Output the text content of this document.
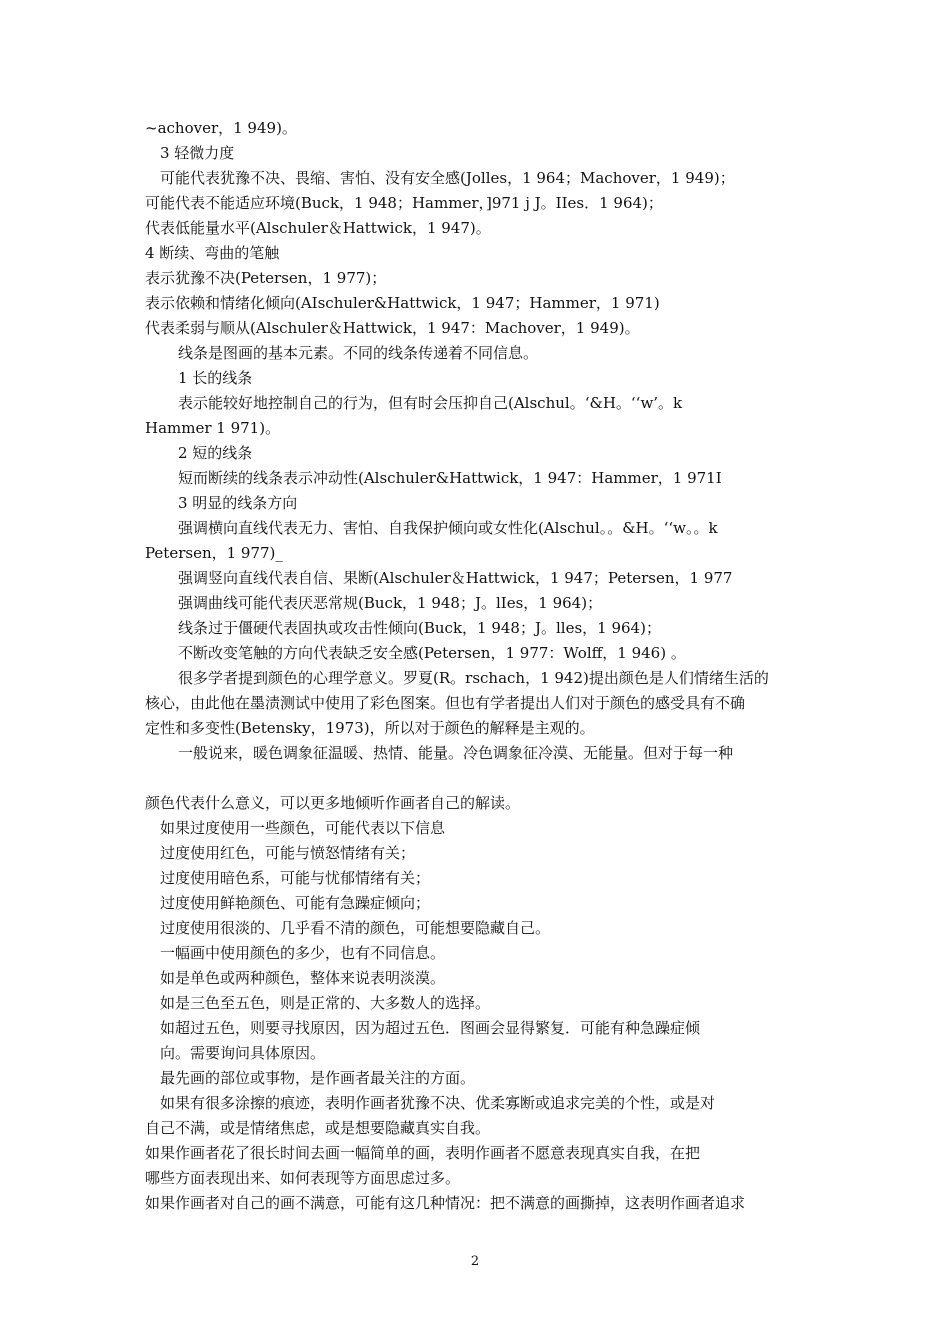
~achover，1 949)。
3 轻微力度
可能代表犹豫不决、畏缩、害怕、没有安全感(Jolles，1 964；Machover，1 949)；
可能代表不能适应环境(Buck，1 948；Hammer，]971 j J。IIes．1 964)；
代表低能量水平(Alschuler＆Hattwick，1 947)。
4 断续、弯曲的笔触
表示犹豫不决(Petersen，1 977)；
表示依赖和情绪化倾向(AIschuler&Hattwick，1 947；Hammer，1 971)
代表柔弱与顺从(Alschuler＆Hattwick，1 947：Machover，1 949)。
线条是图画的基本元素。不同的线条传递着不同信息。
1 长的线条
表示能较好地控制自己的行为，但有时会压抑自己(Alschul。‘&H。‘‘w’。k
Hammer 1 971)。
2 短的线条
短而断续的线条表示冲动性(Alschuler&Hattwick，1 947：Hammer，1 971I
3 明显的线条方向
强调横向直线代表无力、害怕、自我保护倾向或女性化(Alschul。。&H。‘‘w。。k
Petersen，1 977)_
强调竖向直线代表自信、果断(Alschuler＆Hattwick，1 947；Petersen，1 977
强调曲线可能代表厌恶常规(Buck，1 948；J。lIes，1 964)；
线条过于僵硬代表固执或攻击性倾向(Buck，1 948；J。lles，1 964)；
不断改变笔触的方向代表缺乏安全感(Petersen，1 977：Wolff，1 946) 。
很多学者提到颜色的心理学意义。罗夏(R。rschach，1 942)提出颜色是人们情绪生活的
核心，由此他在墨渍测试中使用了彩色图案。但也有学者提出人们对于颜色的感受具有不确
定性和多变性(Betensky，1973)，所以对于颜色的解释是主观的。
一般说来，暖色调象征温暖、热情、能量。冷色调象征冷漠、无能量。但对于每一种
颜色代表什么意义，可以更多地倾听作画者自己的解读。
如果过度使用一些颜色，可能代表以下信息
过度使用红色，可能与愤怒情绪有关；
过度使用暗色系，可能与忧郁情绪有关；
过度使用鲜艳颜色、可能有急躁症倾向；
过度使用很淡的、几乎看不清的颜色，可能想要隐藏自己。
一幅画中使用颜色的多少，也有不同信息。
如是单色或两种颜色，整体来说表明淡漠。
如是三色至五色，则是正常的、大多数人的选择。
如超过五色，则要寻找原因，因为超过五色．图画会显得繁复．可能有种急躁症倾
向。需要询问具体原因。
最先画的部位或事物，是作画者最关注的方面。
如果有很多涂擦的痕迹，表明作画者犹豫不决、优柔寡断或追求完美的个性，或是对
自己不满，或是情绪焦虑，或是想要隐藏真实自我。
如果作画者花了很长时间去画一幅简单的画，表明作画者不愿意表现真实自我，在把
哪些方面表现出来、如何表现等方面思虑过多。
如果作画者对自己的画不满意，可能有这几种情况：把不满意的画撕掉，这表明作画者追求
2
